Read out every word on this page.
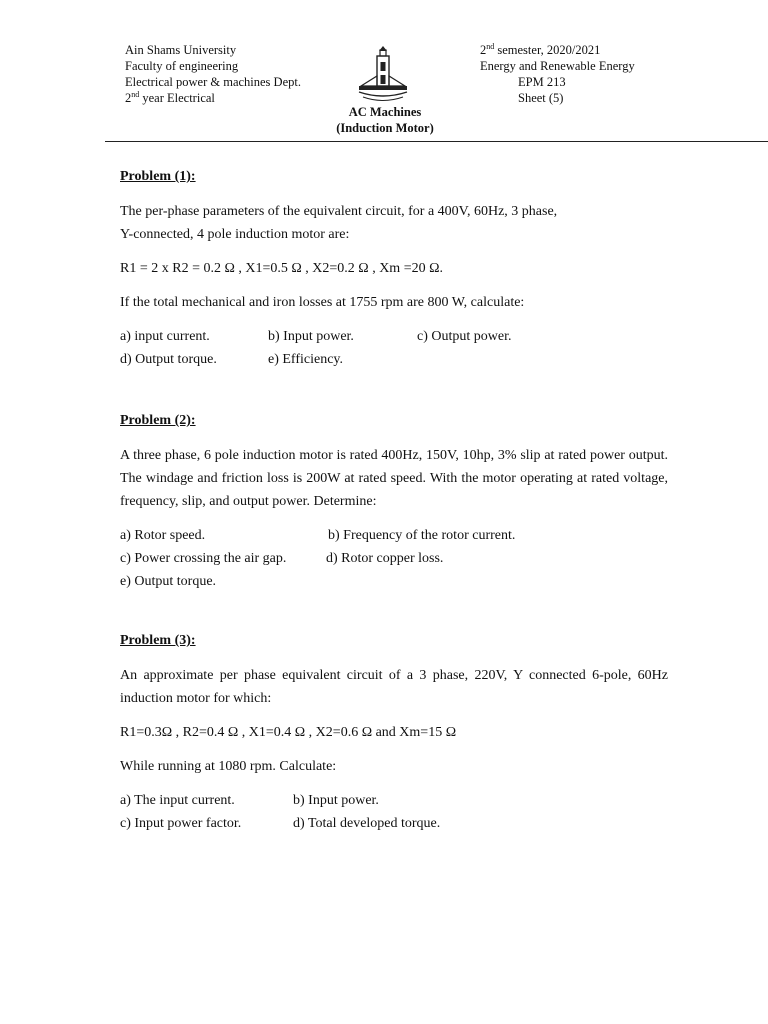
Ain Shams University
Faculty of engineering
Electrical power & machines Dept.
2nd year Electrical
2nd semester, 2020/2021
Energy and Renewable Energy
EPM 213
Sheet (5)
AC Machines
(Induction Motor)

Problem (1):

The per-phase parameters of the equivalent circuit, for a 400V, 60Hz, 3 phase,

Y-connected, 4 pole induction motor are:

R1 = 2 x R2 = 0.2 Ω , X1=0.5 Ω , X2=0.2 Ω , Xm =20 Ω.

If the total mechanical and iron losses at 1755 rpm are 800 W, calculate:

a) input current.	b) Input power.	c) Output power.
d) Output torque.	e) Efficiency.

Problem (2):

A three phase, 6 pole induction motor is rated 400Hz, 150V, 10hp, 3% slip at rated power output. The windage and friction loss is 200W at rated speed. With the motor operating at rated voltage, frequency, slip, and output power. Determine:

a) Rotor speed.	b) Frequency of the rotor current.
c) Power crossing the air gap.	d) Rotor copper loss.
e) Output torque.

Problem (3):

An approximate per phase equivalent circuit of a 3 phase, 220V, Y connected 6-pole, 60Hz induction motor for which:

R1=0.3Ω , R2=0.4 Ω , X1=0.4 Ω , X2=0.6 Ω and Xm=15 Ω

While running at 1080 rpm. Calculate:

a) The input current.	b) Input power.
c) Input power factor.	d) Total developed torque.
